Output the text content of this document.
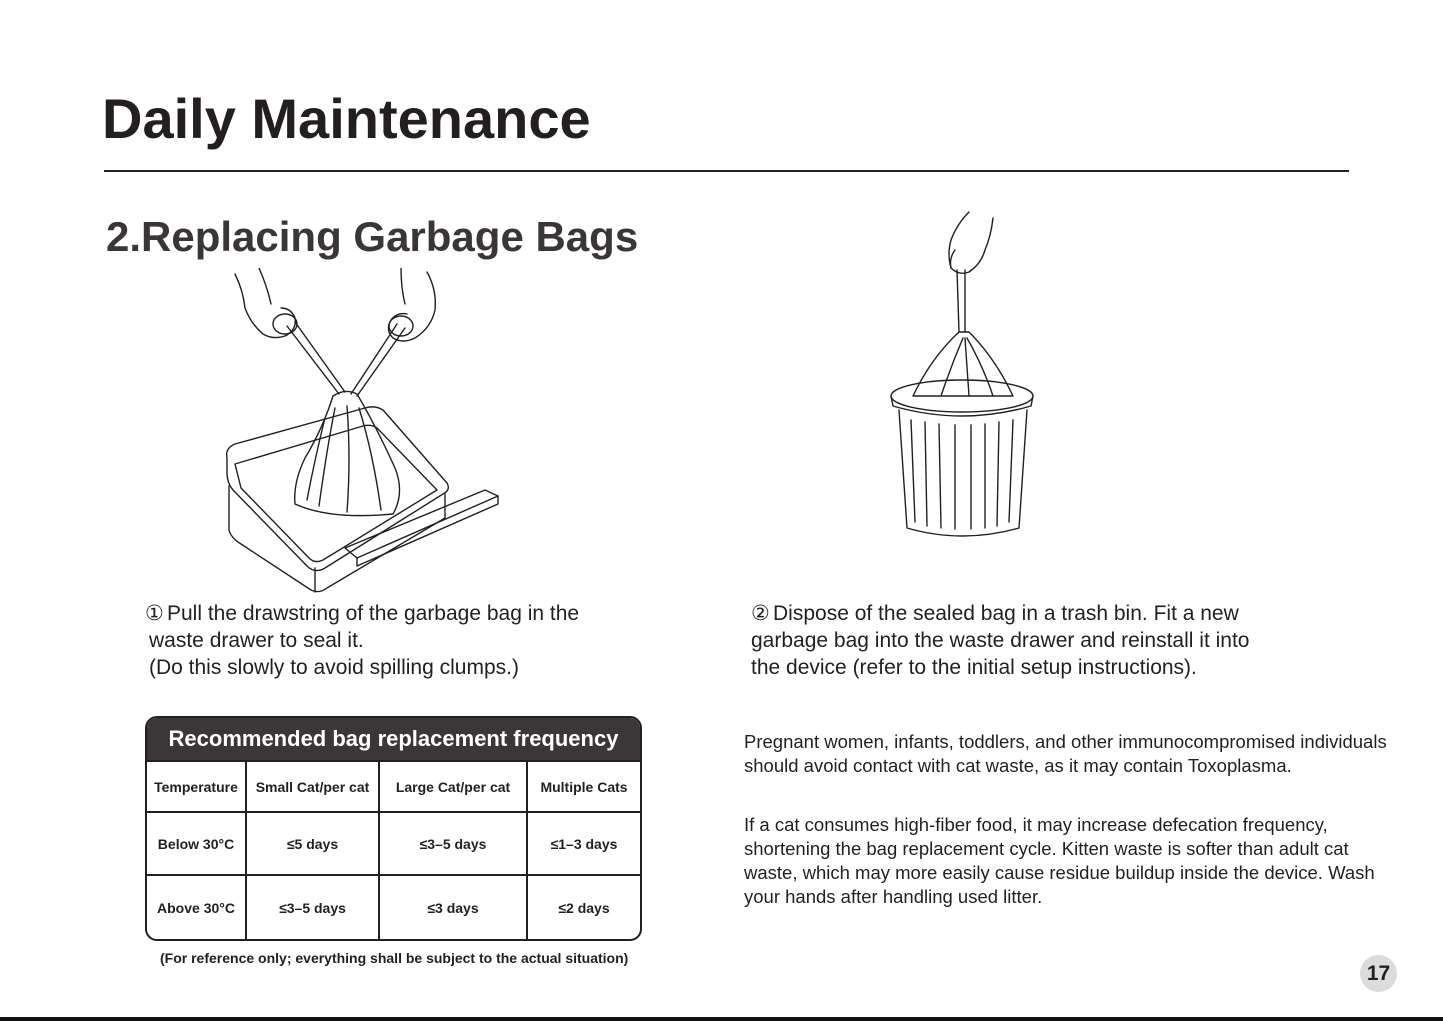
Daily Maintenance
2.Replacing Garbage Bags

① Pull the drawstring of the garbage bag in the
waste drawer to seal it.
(Do this slowly to avoid spilling clumps.)

② Dispose of the sealed bag in a trash bin. Fit a new
garbage bag into the waste drawer and reinstall it into
the device (refer to the initial setup instructions).

Recommended bag replacement frequency
Temperature	Small Cat/per cat	Large Cat/per cat	Multiple Cats
Below 30°C	≤5 days	≤3–5 days	≤1–3 days
Above 30°C	≤3–5 days	≤3 days	≤2 days
(For reference only; everything shall be subject to the actual situation)

Pregnant women, infants, toddlers, and other immunocompromised individuals should avoid contact with cat waste, as it may contain Toxoplasma.

If a cat consumes high-fiber food, it may increase defecation frequency, shortening the bag replacement cycle. Kitten waste is softer than adult cat waste, which may more easily cause residue buildup inside the device. Wash your hands after handling used litter.

17
